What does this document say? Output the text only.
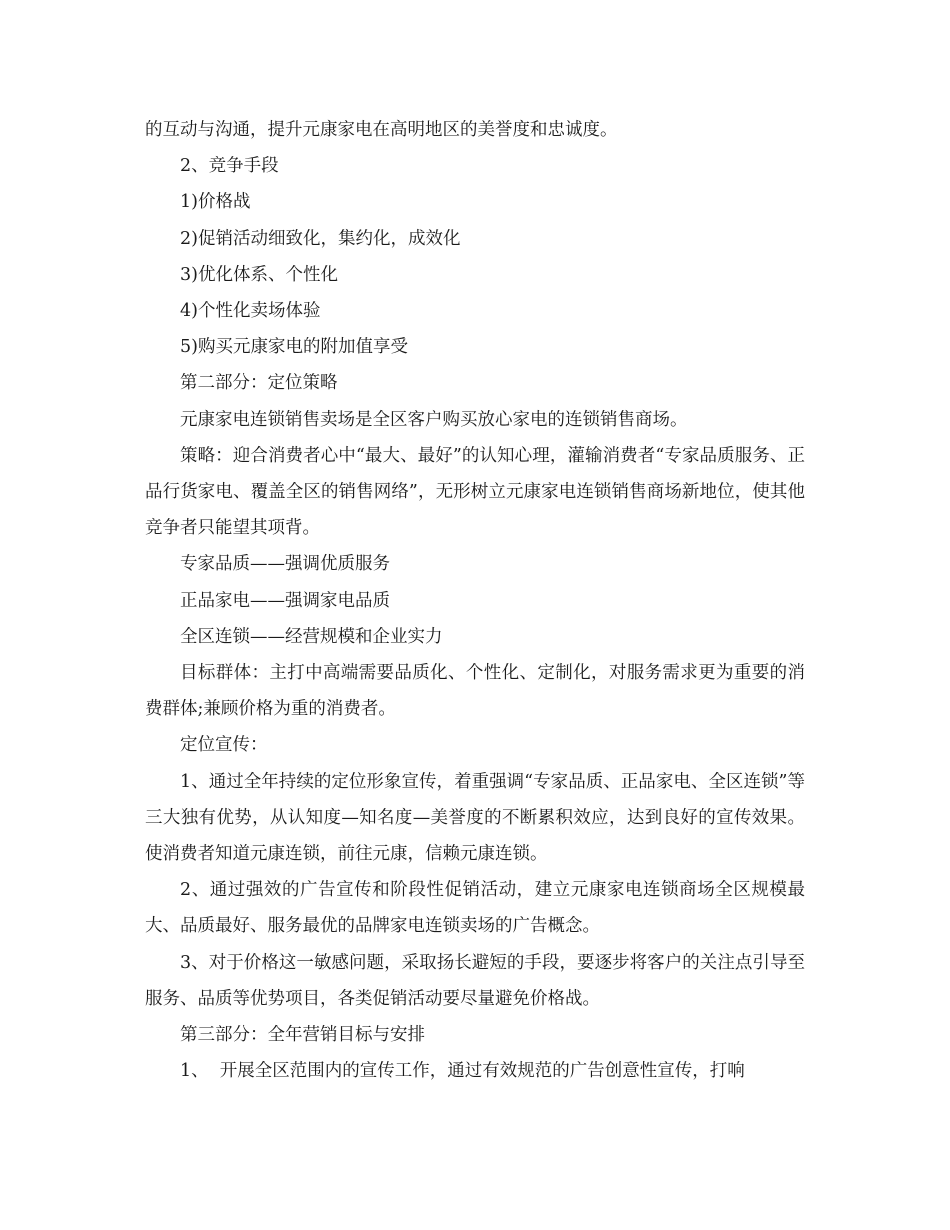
的互动与沟通，提升元康家电在高明地区的美誉度和忠诚度。

2、竞争手段

1)价格战

2)促销活动细致化，集约化，成效化

3)优化体系、个性化

4)个性化卖场体验

5)购买元康家电的附加值享受

第二部分：定位策略

元康家电连锁销售卖场是全区客户购买放心家电的连锁销售商场。

策略：迎合消费者心中“最大、最好”的认知心理，灌输消费者“专家品质服务、正品行货家电、覆盖全区的销售网络”，无形树立元康家电连锁销售商场新地位，使其他竞争者只能望其项背。

专家品质——强调优质服务

正品家电——强调家电品质

全区连锁——经营规模和企业实力

目标群体：主打中高端需要品质化、个性化、定制化，对服务需求更为重要的消费群体;兼顾价格为重的消费者。

定位宣传：

1、通过全年持续的定位形象宣传，着重强调“专家品质、正品家电、全区连锁”等三大独有优势，从认知度—知名度—美誉度的不断累积效应，达到良好的宣传效果。使消费者知道元康连锁，前往元康，信赖元康连锁。

2、通过强效的广告宣传和阶段性促销活动，建立元康家电连锁商场全区规模最大、品质最好、服务最优的品牌家电连锁卖场的广告概念。

3、对于价格这一敏感问题，采取扬长避短的手段，要逐步将客户的关注点引导至服务、品质等优势项目，各类促销活动要尽量避免价格战。

第三部分：全年营销目标与安排

1、  开展全区范围内的宣传工作，通过有效规范的广告创意性宣传，打响
